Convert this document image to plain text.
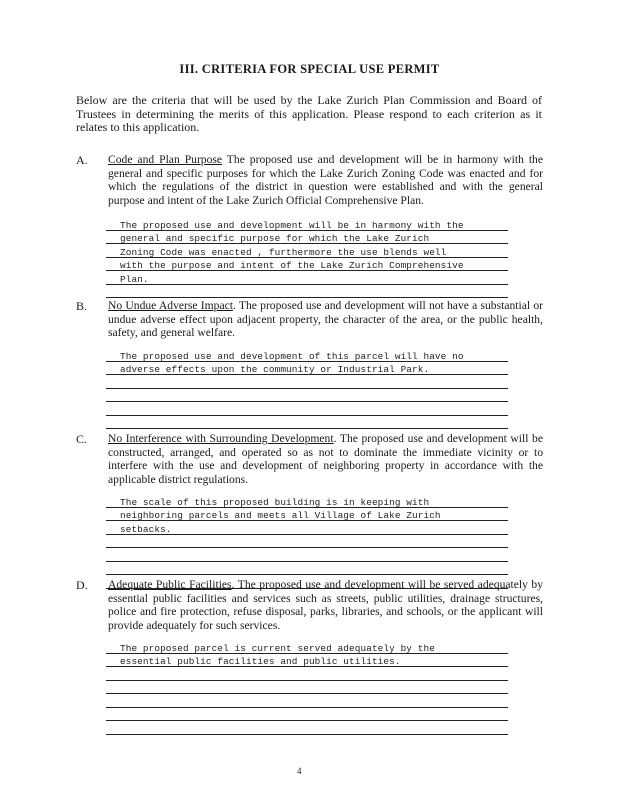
III. CRITERIA FOR SPECIAL USE PERMIT
Below are the criteria that will be used by the Lake Zurich Plan Commission and Board of Trustees in determining the merits of this application. Please respond to each criterion as it relates to this application.
A. Code and Plan Purpose The proposed use and development will be in harmony with the general and specific purposes for which the Lake Zurich Zoning Code was enacted and for which the regulations of the district in question were established and with the general purpose and intent of the Lake Zurich Official Comprehensive Plan.
The proposed use and development will be in harmony with the
general and specific purpose for which the Lake Zurich
Zoning Code was enacted , furthermore the use blends well
with the purpose and intent of the Lake Zurich Comprehensive
Plan.
B. No Undue Adverse Impact. The proposed use and development will not have a substantial or undue adverse effect upon adjacent property, the character of the area, or the public health, safety, and general welfare.
The proposed use and development of this parcel will have no
adverse effects upon the community or Industrial Park.
C. No Interference with Surrounding Development. The proposed use and development will be constructed, arranged, and operated so as not to dominate the immediate vicinity or to interfere with the use and development of neighboring property in accordance with the applicable district regulations.
The scale of this proposed building is in keeping with
neighboring parcels and meets all Village of Lake Zurich
setbacks.
D. Adequate Public Facilities. The proposed use and development will be served adequately by essential public facilities and services such as streets, public utilities, drainage structures, police and fire protection, refuse disposal, parks, libraries, and schools, or the applicant will provide adequately for such services.
The proposed parcel is current served adequately by the
essential public facilities and public utilities.
4
